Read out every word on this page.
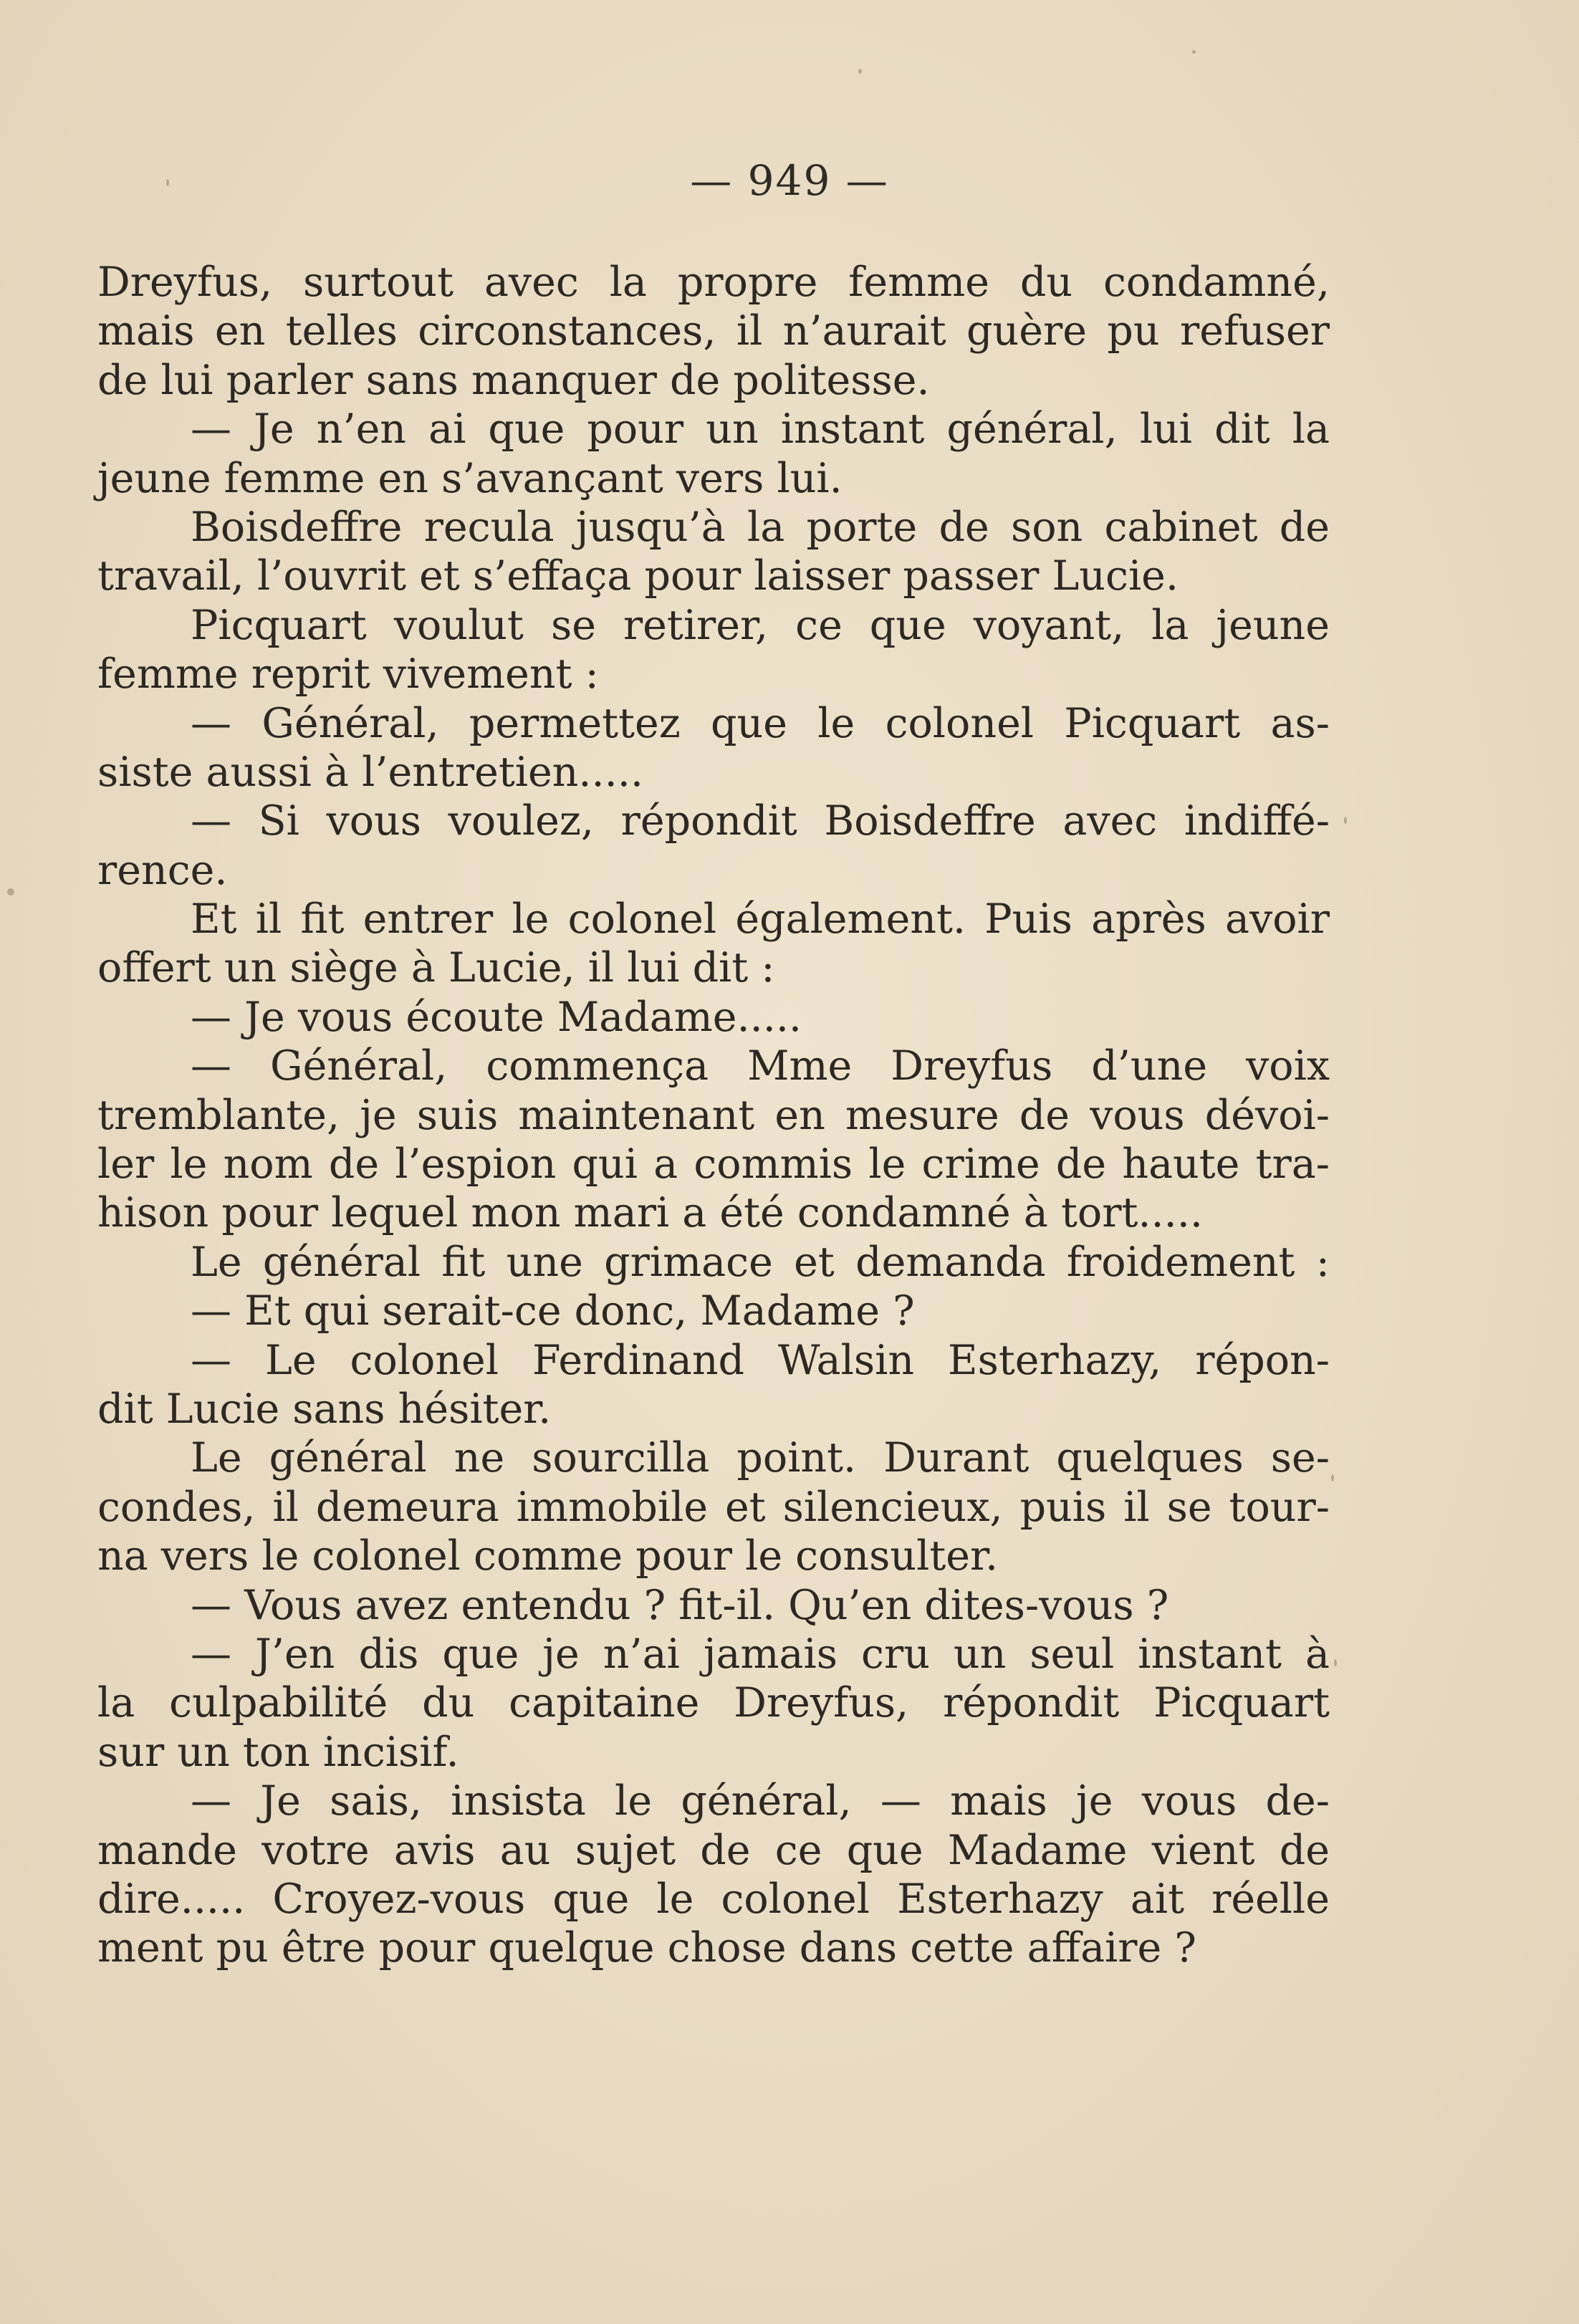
— 949 —
Dreyfus, surtout avec la propre femme du condamné,
mais en telles circonstances, il n’aurait guère pu refuser
de lui parler sans manquer de politesse.
— Je n’en ai que pour un instant général, lui dit la
jeune femme en s’avançant vers lui.
Boisdeffre recula jusqu’à la porte de son cabinet de
travail, l’ouvrit et s’effaça pour laisser passer Lucie.
Picquart voulut se retirer, ce que voyant, la jeune
femme reprit vivement :
— Général, permettez que le colonel Picquart as-
siste aussi à l’entretien.....
— Si vous voulez, répondit Boisdeffre avec indiffé-
rence.
Et il fit entrer le colonel également. Puis après avoir
offert un siège à Lucie, il lui dit :
— Je vous écoute Madame.....
— Général, commença Mme Dreyfus d’une voix
tremblante, je suis maintenant en mesure de vous dévoi-
ler le nom de l’espion qui a commis le crime de haute tra-
hison pour lequel mon mari a été condamné à tort.....
Le général fit une grimace et demanda froidement :
— Et qui serait-ce donc, Madame ?
— Le colonel Ferdinand Walsin Esterhazy, répon-
dit Lucie sans hésiter.
Le général ne sourcilla point. Durant quelques se-
condes, il demeura immobile et silencieux, puis il se tour-
na vers le colonel comme pour le consulter.
— Vous avez entendu ? fit-il. Qu’en dites-vous ?
— J’en dis que je n’ai jamais cru un seul instant à
la culpabilité du capitaine Dreyfus, répondit Picquart
sur un ton incisif.
— Je sais, insista le général, — mais je vous de-
mande votre avis au sujet de ce que Madame vient de
dire..... Croyez-vous que le colonel Esterhazy ait réelle
ment pu être pour quelque chose dans cette affaire ?
